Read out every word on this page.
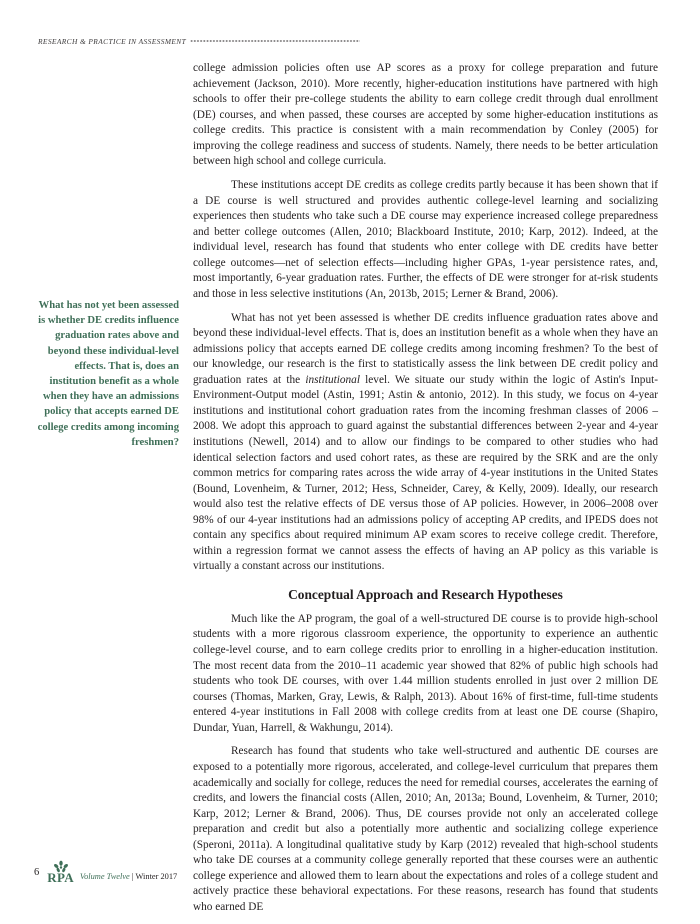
RESEARCH & PRACTICE IN ASSESSMENT
What has not yet been assessed is whether DE credits influence graduation rates above and beyond these individual-level effects. That is, does an institution benefit as a whole when they have an admissions policy that accepts earned DE college credits among incoming freshmen?

college admission policies often use AP scores as a proxy for college preparation and future achievement (Jackson, 2010). More recently, higher-education institutions have partnered with high schools to offer their pre-college students the ability to earn college credit through dual enrollment (DE) courses, and when passed, these courses are accepted by some higher-education institutions as college credits. This practice is consistent with a main recommendation by Conley (2005) for improving the college readiness and success of students. Namely, there needs to be better articulation between high school and college curricula.

These institutions accept DE credits as college credits partly because it has been shown that if a DE course is well structured and provides authentic college-level learning and socializing experiences then students who take such a DE course may experience increased college preparedness and better college outcomes (Allen, 2010; Blackboard Institute, 2010; Karp, 2012). Indeed, at the individual level, research has found that students who enter college with DE credits have better college outcomes—net of selection effects—including higher GPAs, 1-year persistence rates, and, most importantly, 6-year graduation rates. Further, the effects of DE were stronger for at-risk students and those in less selective institutions (An, 2013b, 2015; Lerner & Brand, 2006).

What has not yet been assessed is whether DE credits influence graduation rates above and beyond these individual-level effects. That is, does an institution benefit as a whole when they have an admissions policy that accepts earned DE college credits among incoming freshmen? To the best of our knowledge, our research is the first to statistically assess the link between DE credit policy and graduation rates at the institutional level. We situate our study within the logic of Astin's Input-Environment-Output model (Astin, 1991; Astin & antonio, 2012). In this study, we focus on 4-year institutions and institutional cohort graduation rates from the incoming freshman classes of 2006 – 2008. We adopt this approach to guard against the substantial differences between 2-year and 4-year institutions (Newell, 2014) and to allow our findings to be compared to other studies who had identical selection factors and used cohort rates, as these are required by the SRK and are the only common metrics for comparing rates across the wide array of 4-year institutions in the United States (Bound, Lovenheim, & Turner, 2012; Hess, Schneider, Carey, & Kelly, 2009). Ideally, our research would also test the relative effects of DE versus those of AP policies. However, in 2006–2008 over 98% of our 4-year institutions had an admissions policy of accepting AP credits, and IPEDS does not contain any specifics about required minimum AP exam scores to receive college credit. Therefore, within a regression format we cannot assess the effects of having an AP policy as this variable is virtually a constant across our institutions.

Conceptual Approach and Research Hypotheses

Much like the AP program, the goal of a well-structured DE course is to provide high-school students with a more rigorous classroom experience, the opportunity to experience an authentic college-level course, and to earn college credits prior to enrolling in a higher-education institution. The most recent data from the 2010–11 academic year showed that 82% of public high schools had students who took DE courses, with over 1.44 million students enrolled in just over 2 million DE courses (Thomas, Marken, Gray, Lewis, & Ralph, 2013). About 16% of first-time, full-time students entered 4-year institutions in Fall 2008 with college credits from at least one DE course (Shapiro, Dundar, Yuan, Harrell, & Wakhungu, 2014).

Research has found that students who take well-structured and authentic DE courses are exposed to a potentially more rigorous, accelerated, and college-level curriculum that prepares them academically and socially for college, reduces the need for remedial courses, accelerates the earning of credits, and lowers the financial costs (Allen, 2010; An, 2013a; Bound, Lovenheim, & Turner, 2010; Karp, 2012; Lerner & Brand, 2006). Thus, DE courses provide not only an accelerated college preparation and credit but also a potentially more authentic and socializing college experience (Speroni, 2011a). A longitudinal qualitative study by Karp (2012) revealed that high-school students who take DE courses at a community college generally reported that these courses were an authentic college experience and allowed them to learn about the expectations and roles of a college student and actively practice these behavioral expectations. For these reasons, research has found that students who earned DE

6 RPA Volume Twelve | Winter 2017
